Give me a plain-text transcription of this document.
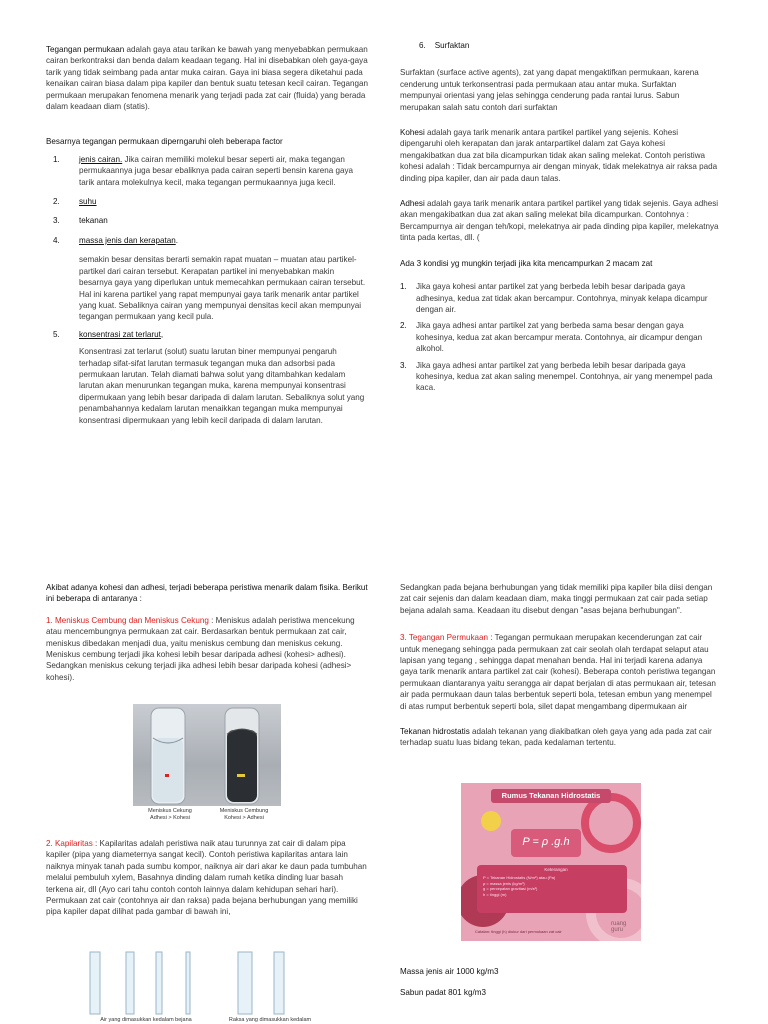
Tegangan permukaan adalah gaya atau tarikan ke bawah yang menyebabkan permukaan cairan berkontraksi dan benda dalam keadaan tegang. Hal ini disebabkan oleh gaya-gaya tarik yang tidak seimbang pada antar muka cairan. Gaya ini biasa segera diketahui pada kenaikan cairan biasa dalam pipa kapiler dan bentuk suatu tetesan kecil cairan. Tegangan permukaan merupakan fenomena menarik yang terjadi pada zat cair (fluida) yang berada dalam keadaan diam (statis).

Besarnya tegangan permukaan diperngaruhi oleh beberapa factor

1. jenis cairan. Jika cairan memiliki molekul besar seperti air, maka tegangan permukaannya juga besar ebaliknya pada cairan seperti bensin karena gaya tarik antara molekulnya kecil, maka tegangan permukaannya juga kecil.
2. suhu
3. tekanan
4. massa jenis dan kerapatan.

semakin besar densitas berarti semakin rapat muatan – muatan atau partikel-partikel dari cairan tersebut. Kerapatan partikel ini menyebabkan makin besarnya gaya yang diperlukan untuk memecahkan permukaan cairan tersebut. Hal ini karena partikel yang rapat mempunyai gaya tarik menarik antar partikel yang kuat. Sebaliknya cairan yang mempunyai densitas kecil akan mempunyai tegangan permukaan yang kecil pula.

5. konsentrasi zat terlarut,

Konsentrasi zat terlarut (solut) suatu larutan biner mempunyai pengaruh terhadap sifat-sifat larutan termasuk tegangan muka dan adsorbsi pada permukaan larutan. Telah diamati bahwa solut yang ditambahkan kedalam larutan akan menurunkan tegangan muka, karena mempunyai konsentrasi dipermukaan yang lebih besar daripada di dalam larutan. Sebaliknya solut yang penambahannya kedalam larutan menaikkan tegangan muka mempunyai konsentrasi dipermukaan yang lebih kecil daripada di dalam larutan.

6. Surfaktan

Surfaktan (surface active agents), zat yang dapat mengaktifkan permukaan, karena cenderung untuk terkonsentrasi pada permukaan atau antar muka. Surfaktan mempunyai orientasi yang jelas sehingga cenderung pada rantai lurus. Sabun merupakan salah satu contoh dari surfaktan

Kohesi adalah gaya tarik menarik antara partikel partikel yang sejenis. Kohesi dipengaruhi oleh kerapatan dan jarak antarpartikel dalam zat Gaya kohesi mengakibatkan dua zat bila dicampurkan tidak akan saling melekat. Contoh peristiwa kohesi adalah : Tidak bercampurnya air dengan minyak, tidak melekatnya air raksa pada dinding pipa kapiler, dan air pada daun talas.

Adhesi adalah gaya tarik menarik antara partikel partikel yang tidak sejenis. Gaya adhesi akan mengakibatkan dua zat akan saling melekat bila dicampurkan. Contohnya : Bercampurnya air dengan teh/kopi, melekatnya air pada dinding pipa kapiler, melekatnya tinta pada kertas, dll. (

Ada 3 kondisi yg mungkin terjadi jika kita mencampurkan 2 macam zat

1. Jika gaya kohesi antar partikel zat yang berbeda lebih besar daripada gaya adhesinya, kedua zat tidak akan bercampur. Contohnya, minyak kelapa dicampur dengan air.
2. Jika gaya adhesi antar partikel zat yang berbeda sama besar dengan gaya kohesinya, kedua zat akan bercampur merata. Contohnya, air dicampur dengan alkohol.
3. Jika gaya adhesi antar partikel zat yang berbeda lebih besar daripada gaya kohesinya, kedua zat akan saling menempel. Contohnya, air yang menempel pada kaca.

Akibat adanya kohesi dan adhesi, terjadi beberapa peristiwa menarik dalam fisika. Berikut ini beberapa di antaranya :

1. Meniskus Cembung dan Meniskus Cekung : Meniskus adalah peristiwa mencekung atau mencembungnya permukaan zat cair. Berdasarkan bentuk permukaan zat cair, meniskus dibedakan menjadi dua, yaitu meniskus cembung dan meniskus cekung. Meniskus cembung terjadi jika kohesi lebih besar daripada adhesi (kohesi> adhesi). Sedangkan meniskus cekung terjadi jika adhesi lebih besar daripada kohesi (adhesi> kohesi).

Meniskus Cekung
Adhesi > Kohesi
Meniskus Cembung
Kohesi > Adhesi

2. Kapilaritas : Kapilaritas adalah peristiwa naik atau turunnya zat cair di dalam pipa kapiler (pipa yang diameternya sangat kecil). Contoh peristiwa kapilaritas antara lain naiknya minyak tanah pada sumbu kompor, naiknya air dari akar ke daun pada tumbuhan melalui pembuluh xylem, Basahnya dinding dalam rumah ketika dinding luar basah terkena air, dll (Ayo cari tahu contoh contoh lainnya dalam kehidupan sehari hari). Permukaan zat cair (contohnya air dan raksa) pada bejana berhubungan yang memiliki pipa kapiler dapat dilihat pada gambar di bawah ini,

Air yang dimasukkan kedalam bejana	Raksa yang dimasukkan kedalam

Sedangkan pada bejana berhubungan yang tidak memiliki pipa kapiler bila diisi dengan zat cair sejenis dan dalam keadaan diam, maka tinggi permukaan zat cair pada setiap bejana adalah sama. Keadaan itu disebut dengan "asas bejana berhubungan".

3. Tegangan Permukaan : Tegangan permukaan merupakan kecenderungan zat cair untuk menegang sehingga pada permukaan zat cair seolah olah terdapat selaput atau lapisan yang tegang , sehingga dapat menahan benda. Hal ini terjadi karena adanya gaya tarik menarik antara partikel zat cair (kohesi). Beberapa contoh peristiwa tegangan permukaan diantaranya yaitu serangga air dapat berjalan di atas permukaan air, tetesan air pada permukaan daun talas berbentuk seperti bola, tetesan embun yang menempel di atas rumput berbentuk seperti bola, silet dapat mengambang dipermukaan air

Tekanan hidrostatis adalah tekanan yang diakibatkan oleh gaya yang ada pada zat cair terhadap suatu luas bidang tekan, pada kedalaman tertentu.

Rumus Tekanan Hidrostatis
P = ρ .g.h
Keterangan
P = Tekanan Hidrostatis (N/m²) atau (Pa)
ρ = massa jenis (kg/m³)
g = percepatan gravitasi (m/s²)
h = tinggi (m)
Catatan: tinggi (h) diukur dari permukaan zat cair
ruang guru

Massa jenis air 1000 kg/m3

Sabun padat 801 kg/m3
